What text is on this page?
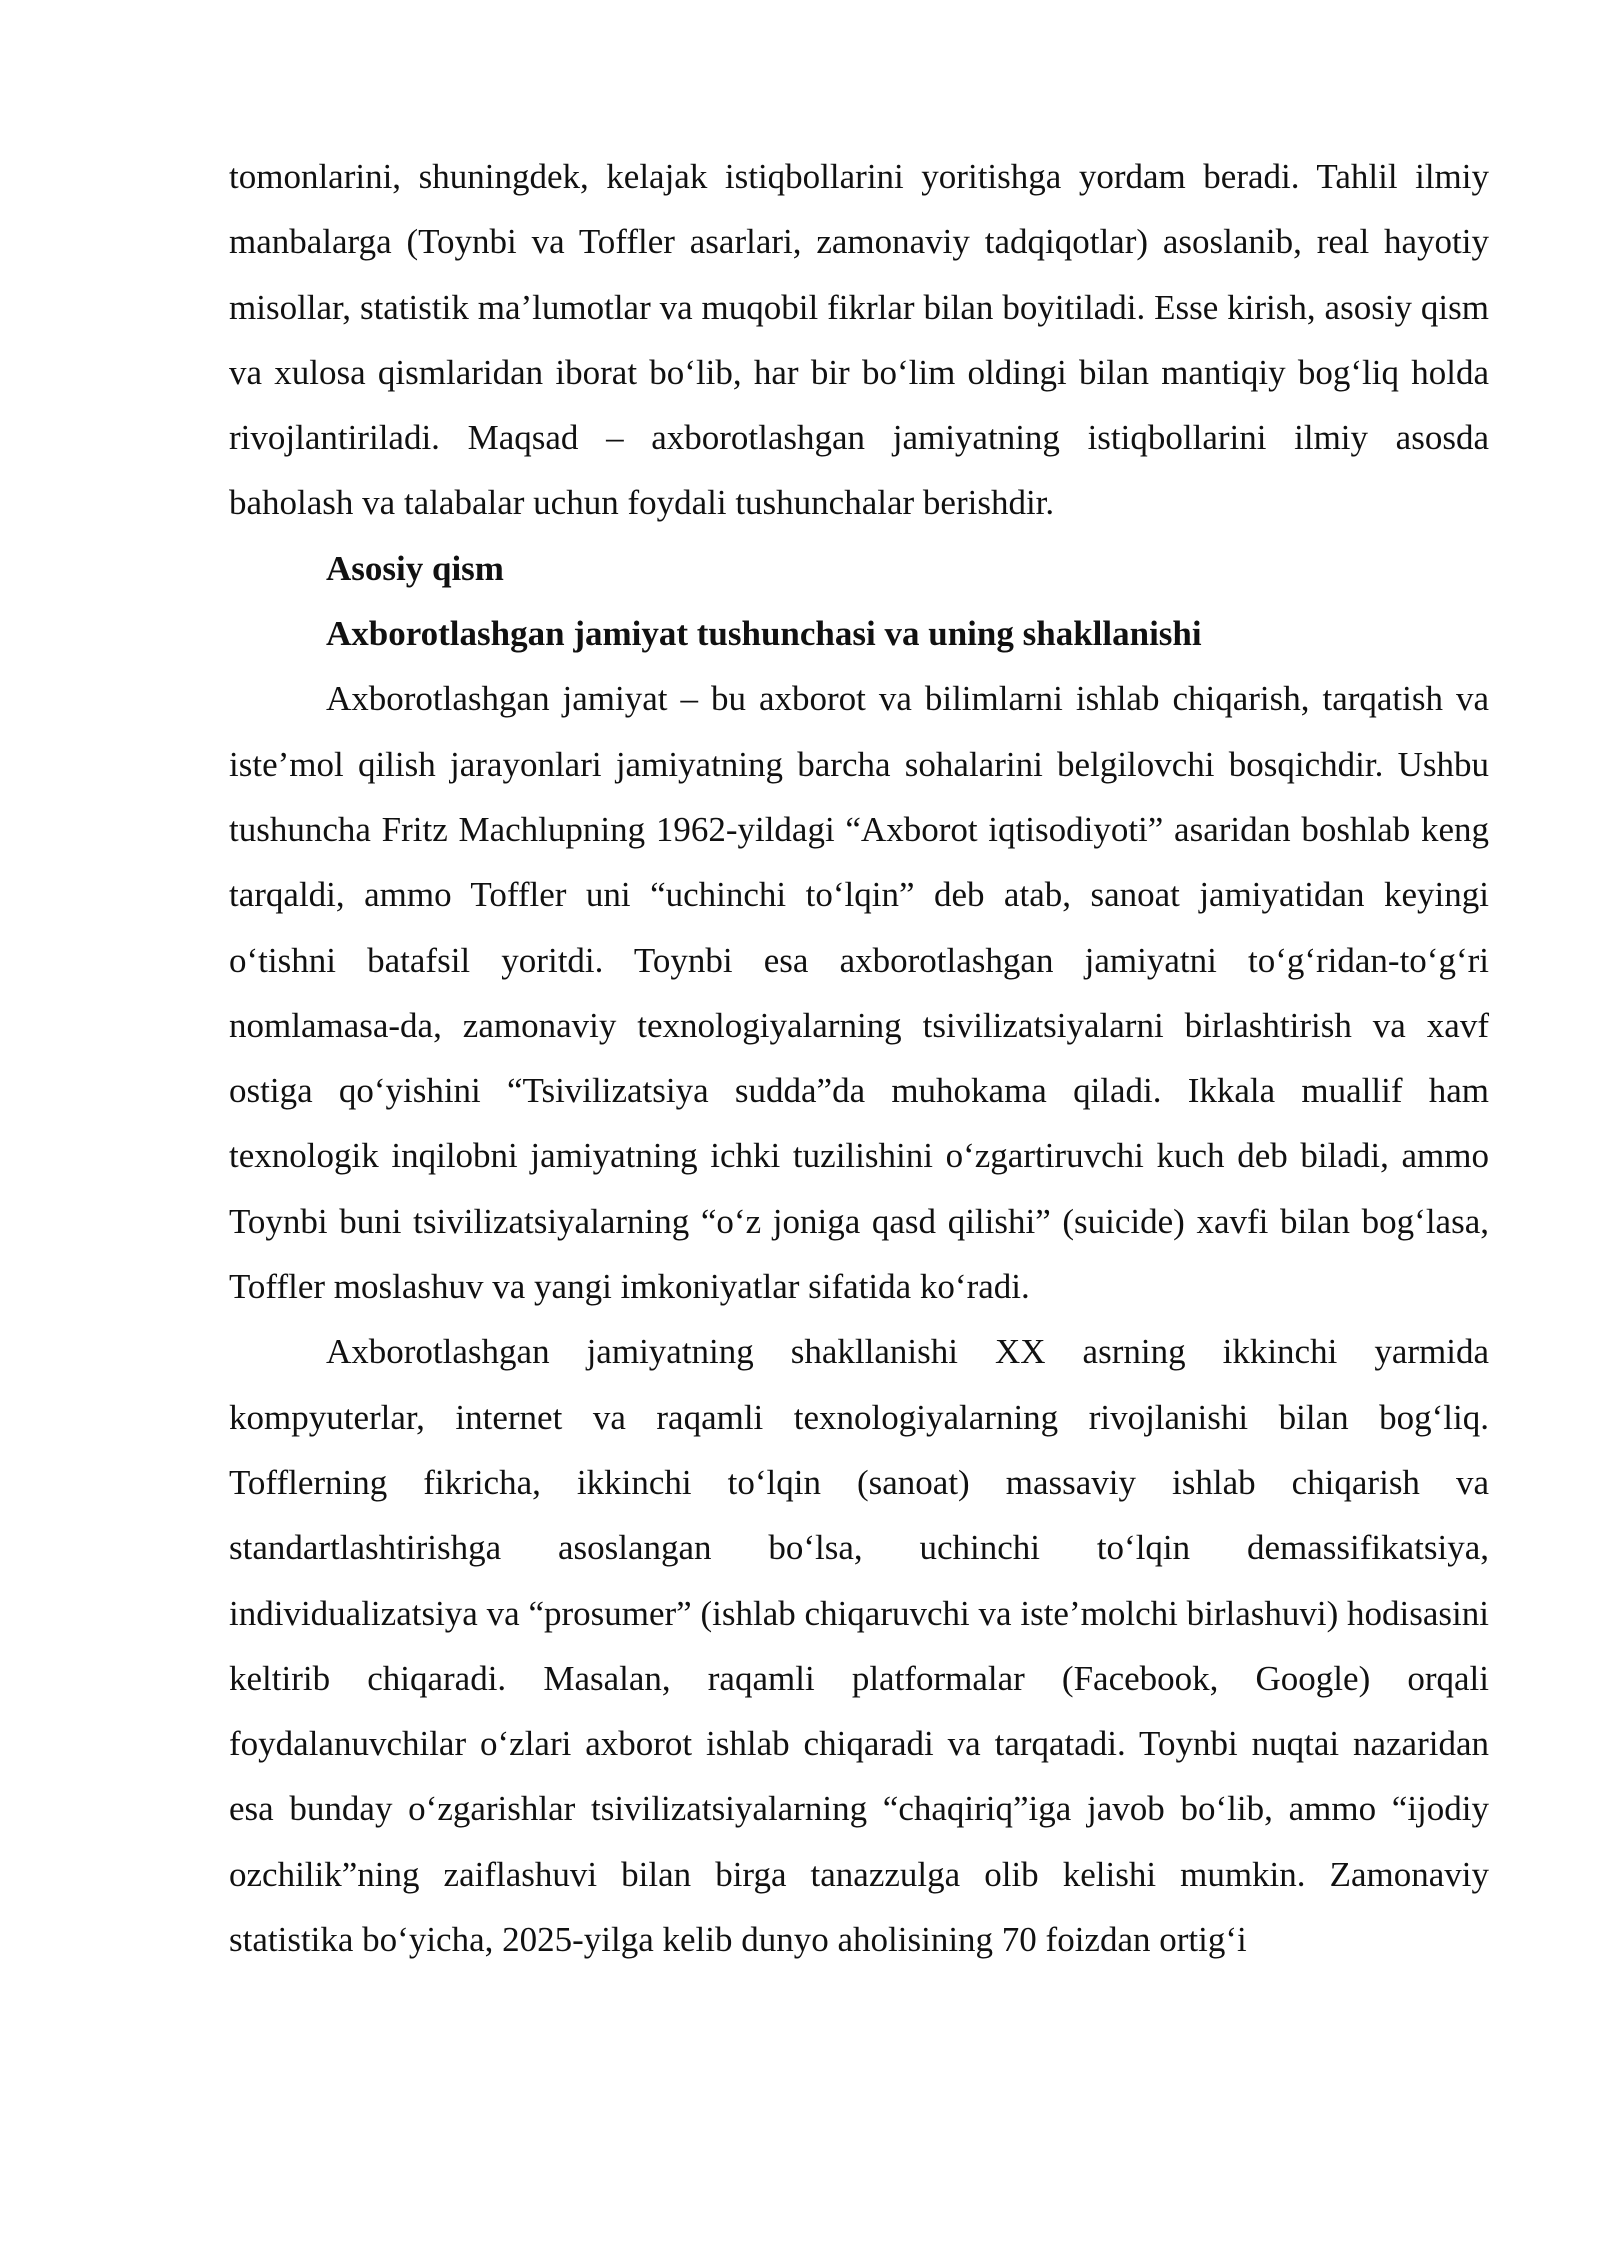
tomonlarini, shuningdek, kelajak istiqbollarini yoritishga yordam beradi. Tahlil ilmiy manbalarga (Toynbi va Toffler asarlari, zamonaviy tadqiqotlar) asoslanib, real hayotiy misollar, statistik ma’lumotlar va muqobil fikrlar bilan boyitiladi. Esse kirish, asosiy qism va xulosa qismlaridan iborat bo‘lib, har bir bo‘lim oldingi bilan mantiqiy bog‘liq holda rivojlantiriladi. Maqsad – axborotlashgan jamiyatning istiqbollarini ilmiy asosda baholash va talabalar uchun foydali tushunchalar berishdir.

Asosiy qism

Axborotlashgan jamiyat tushunchasi va uning shakllanishi

Axborotlashgan jamiyat – bu axborot va bilimlarni ishlab chiqarish, tarqatish va iste’mol qilish jarayonlari jamiyatning barcha sohalarini belgilovchi bosqichdir. Ushbu tushuncha Fritz Machlupning 1962-yildagi “Axborot iqtisodiyoti” asaridan boshlab keng tarqaldi, ammo Toffler uni “uchinchi to‘lqin” deb atab, sanoat jamiyatidan keyingi o‘tishni batafsil yoritdi. Toynbi esa axborotlashgan jamiyatni to‘g‘ridan-to‘g‘ri nomlamasa-da, zamonaviy texnologiyalarning tsivilizatsiyalarni birlashtirish va xavf ostiga qo‘yishini “Tsivilizatsiya sudda”da muhokama qiladi. Ikkala muallif ham texnologik inqilobni jamiyatning ichki tuzilishini o‘zgartiruvchi kuch deb biladi, ammo Toynbi buni tsivilizatsiyalarning “o‘z joniga qasd qilishi” (suicide) xavfi bilan bog‘lasa, Toffler moslashuv va yangi imkoniyatlar sifatida ko‘radi.

Axborotlashgan jamiyatning shakllanishi XX asrning ikkinchi yarmida kompyuterlar, internet va raqamli texnologiyalarning rivojlanishi bilan bog‘liq. Tofflerning fikricha, ikkinchi to‘lqin (sanoat) massaviy ishlab chiqarish va standartlashtirishga asoslangan bo‘lsa, uchinchi to‘lqin demassifikatsiya, individualizatsiya va “prosumer” (ishlab chiqaruvchi va iste’molchi birlashuvi) hodisasini keltirib chiqaradi. Masalan, raqamli platformalar (Facebook, Google) orqali foydalanuvchilar o‘zlari axborot ishlab chiqaradi va tarqatadi. Toynbi nuqtai nazaridan esa bunday o‘zgarishlar tsivilizatsiyalarning “chaqiriq”iga javob bo‘lib, ammo “ijodiy ozchilik”ning zaiflashuvi bilan birga tanazzulga olib kelishi mumkin. Zamonaviy statistika bo‘yicha, 2025-yilga kelib dunyo aholisining 70 foizdan ortig‘i
